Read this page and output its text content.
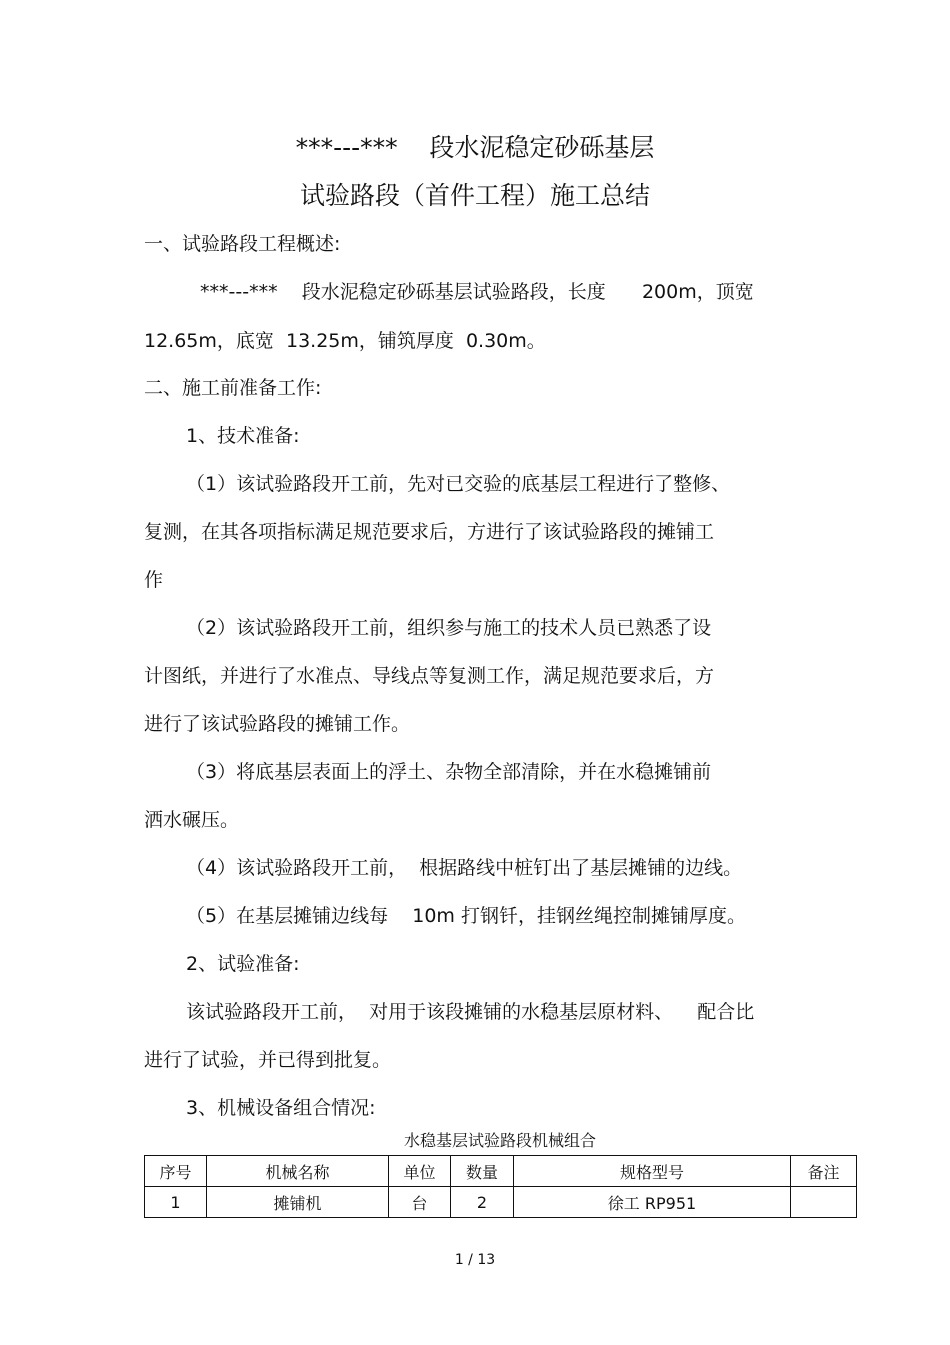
***---***    段水泥稳定砂砾基层
试验路段（首件工程）施工总结
一、试验路段工程概述:
***---***    段水泥稳定砂砾基层试验路段，长度      200m，顶宽
12.65m，底宽  13.25m，铺筑厚度  0.30m。
二、施工前准备工作:
1、技术准备:
（1）该试验路段开工前，先对已交验的底基层工程进行了整修、
复测，在其各项指标满足规范要求后，方进行了该试验路段的摊铺工
作
（2）该试验路段开工前，组织参与施工的技术人员已熟悉了设
计图纸，并进行了水准点、导线点等复测工作，满足规范要求后，方
进行了该试验路段的摊铺工作。
（3）将底基层表面上的浮土、杂物全部清除，并在水稳摊铺前
洒水碾压。
（4）该试验路段开工前，  根据路线中桩钉出了基层摊铺的边线。
（5）在基层摊铺边线每    10m 打钢钎，挂钢丝绳控制摊铺厚度。
2、试验准备:
该试验路段开工前，  对用于该段摊铺的水稳基层原材料、    配合比
进行了试验，并已得到批复。
3、机械设备组合情况:
水稳基层试验路段机械组合
序号	机械名称	单位	数量	规格型号	备注
1	摊铺机	台	2	徐工 RP951	
1 / 13
